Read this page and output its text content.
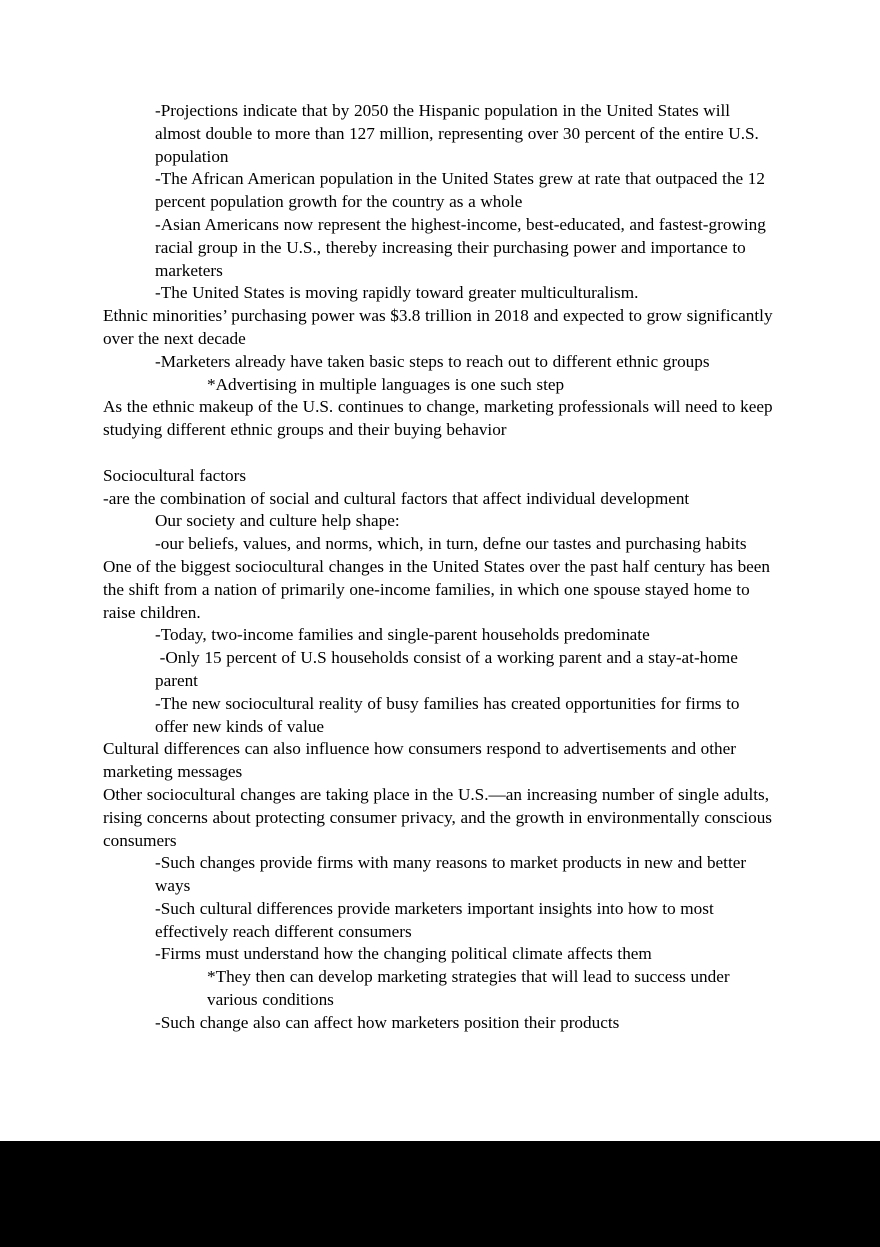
-Projections indicate that by 2050 the Hispanic population in the United States will almost double to more than 127 million, representing over 30 percent of the entire U.S. population
-The African American population in the United States grew at rate that outpaced the 12 percent population growth for the country as a whole
-Asian Americans now represent the highest-income, best-educated, and fastest-growing racial group in the U.S., thereby increasing their purchasing power and importance to marketers
-The United States is moving rapidly toward greater multiculturalism.
Ethnic minorities’ purchasing power was $3.8 trillion in 2018 and expected to grow significantly over the next decade
-Marketers already have taken basic steps to reach out to different ethnic groups
*Advertising in multiple languages is one such step
As the ethnic makeup of the U.S. continues to change, marketing professionals will need to keep studying different ethnic groups and their buying behavior
Sociocultural factors
-are the combination of social and cultural factors that affect individual development
Our society and culture help shape:
-our beliefs, values, and norms, which, in turn, defne our tastes and purchasing habits
One of the biggest sociocultural changes in the United States over the past half century has been the shift from a nation of primarily one-income families, in which one spouse stayed home to raise children.
-Today, two-income families and single-parent households predominate
-Only 15 percent of U.S households consist of a working parent and a stay-at-home parent
-The new sociocultural reality of busy families has created opportunities for firms to offer new kinds of value
Cultural differences can also influence how consumers respond to advertisements and other marketing messages
Other sociocultural changes are taking place in the U.S.—an increasing number of single adults, rising concerns about protecting consumer privacy, and the growth in environmentally conscious consumers
-Such changes provide firms with many reasons to market products in new and better ways
-Such cultural differences provide marketers important insights into how to most effectively reach different consumers
-Firms must understand how the changing political climate affects them
*They then can develop marketing strategies that will lead to success under various conditions
-Such change also can affect how marketers position their products
